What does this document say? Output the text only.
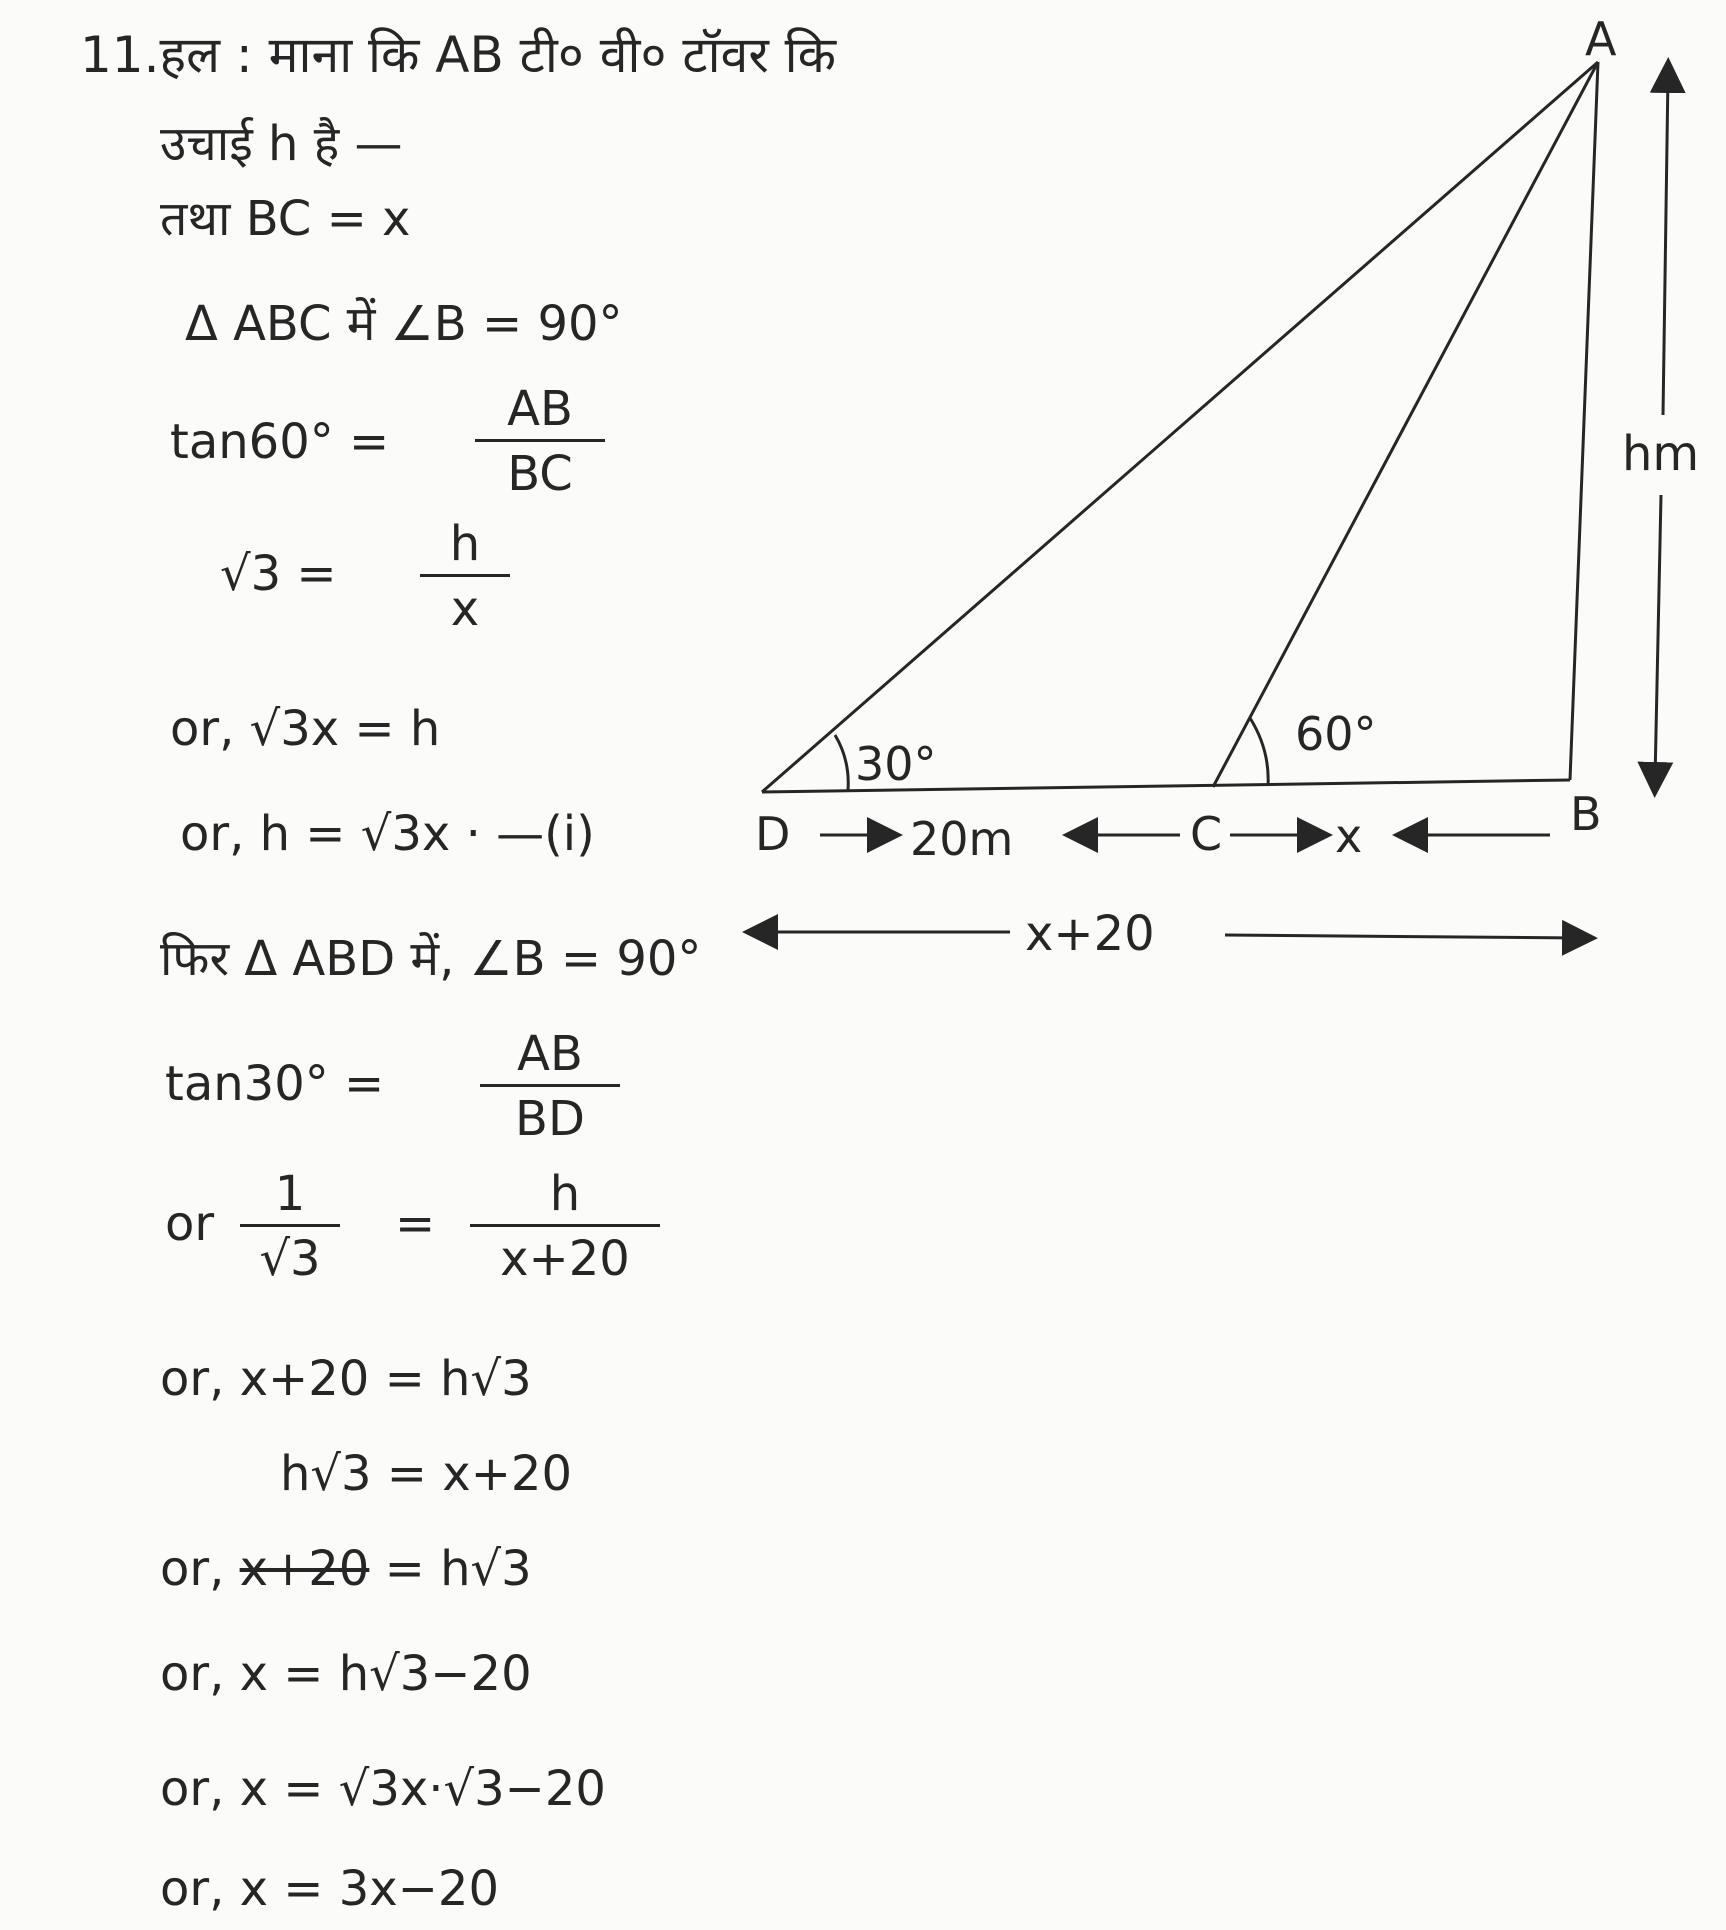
11.हल : माना कि AB टी० वी० टॉवर कि
उचाई h है —
तथा BC = x
Δ ABC में ∠B = 90°
tan60° =
AB
BC
√3 =
h
x
or, √3x = h
or, h = √3x · —(i)
फिर Δ ABD में, ∠B = 90°
tan30° =
AB
BD
or
1
√3
=
h
x+20
or, x+20 = h√3
h√3 = x+20
or, x+20 = h√3
or, x = h√3−20
or, x = √3x·√3−20
or, x = 3x−20
A
B
C
D
hm
30°
60°
20m	x
x+20
